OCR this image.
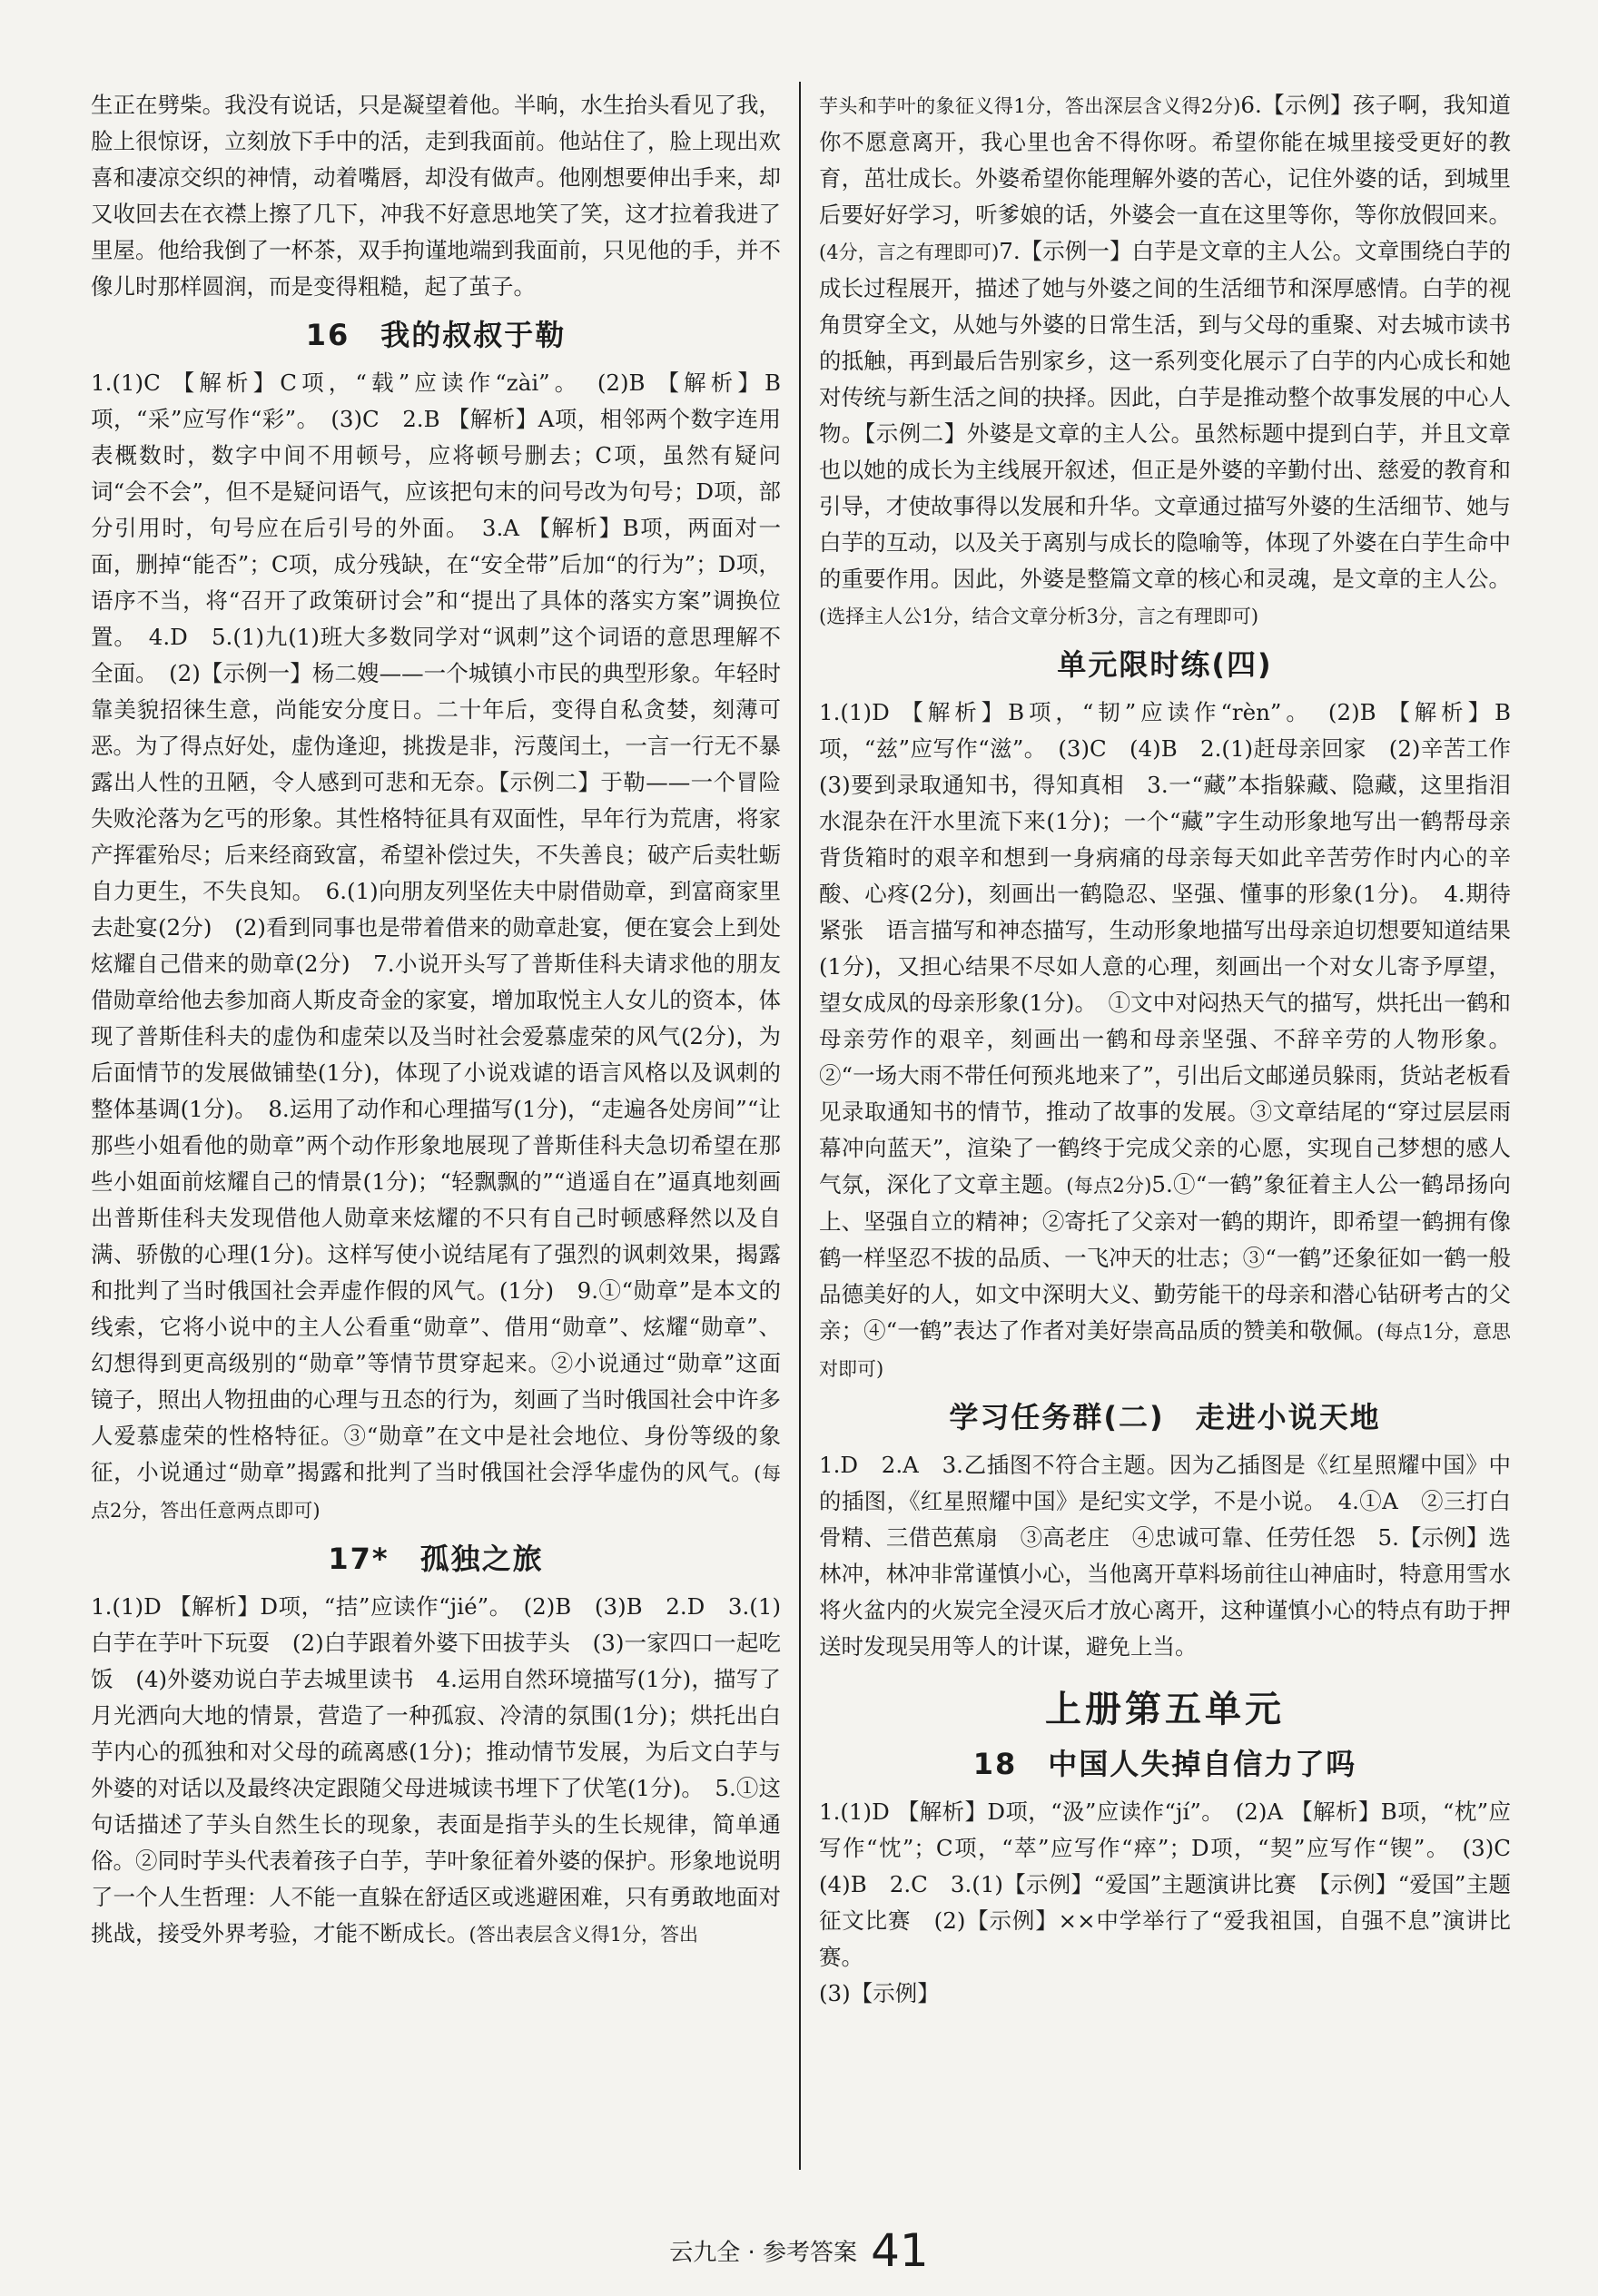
生正在劈柴。我没有说话，只是凝望着他。半晌，水生抬头看见了我，脸上很惊讶，立刻放下手中的活，走到我面前。他站住了，脸上现出欢喜和凄凉交织的神情，动着嘴唇，却没有做声。他刚想要伸出手来，却又收回去在衣襟上擦了几下，冲我不好意思地笑了笑，这才拉着我进了里屋。他给我倒了一杯茶，双手拘谨地端到我面前，只见他的手，并不像儿时那样圆润，而是变得粗糙，起了茧子。

16　我的叔叔于勒

1.(1)C 【解析】C项，“载”应读作“zài”。　(2)B 【解析】B项，“采”应写作“彩”。　(3)C　2.B 【解析】A项，相邻两个数字连用表概数时，数字中间不用顿号，应将顿号删去；C项，虽然有疑问词“会不会”，但不是疑问语气，应该把句末的问号改为句号；D项，部分引用时，句号应在后引号的外面。　3.A 【解析】B项，两面对一面，删掉“能否”；C项，成分残缺，在“安全带”后加“的行为”；D项，语序不当，将“召开了政策研讨会”和“提出了具体的落实方案”调换位置。　4.D　5.(1)九(1)班大多数同学对“讽刺”这个词语的意思理解不全面。　(2)【示例一】杨二嫂——一个城镇小市民的典型形象。年轻时靠美貌招徕生意，尚能安分度日。二十年后，变得自私贪婪，刻薄可恶。为了得点好处，虚伪逢迎，挑拨是非，污蔑闰土，一言一行无不暴露出人性的丑陋，令人感到可悲和无奈。【示例二】于勒——一个冒险失败沦落为乞丐的形象。其性格特征具有双面性，早年行为荒唐，将家产挥霍殆尽；后来经商致富，希望补偿过失，不失善良；破产后卖牡蛎自力更生，不失良知。　6.(1)向朋友列坚佐夫中尉借勋章，到富商家里去赴宴(2分)　(2)看到同事也是带着借来的勋章赴宴，便在宴会上到处炫耀自己借来的勋章(2分)　7.小说开头写了普斯佳科夫请求他的朋友借勋章给他去参加商人斯皮奇金的家宴，增加取悦主人女儿的资本，体现了普斯佳科夫的虚伪和虚荣以及当时社会爱慕虚荣的风气(2分)，为后面情节的发展做铺垫(1分)，体现了小说戏谑的语言风格以及讽刺的整体基调(1分)。　8.运用了动作和心理描写(1分)，“走遍各处房间”“让那些小姐看他的勋章”两个动作形象地展现了普斯佳科夫急切希望在那些小姐面前炫耀自己的情景(1分)；“轻飘飘的”“逍遥自在”逼真地刻画出普斯佳科夫发现借他人勋章来炫耀的不只有自己时顿感释然以及自满、骄傲的心理(1分)。这样写使小说结尾有了强烈的讽刺效果，揭露和批判了当时俄国社会弄虚作假的风气。(1分)　9.①“勋章”是本文的线索，它将小说中的主人公看重“勋章”、借用“勋章”、炫耀“勋章”、幻想得到更高级别的“勋章”等情节贯穿起来。②小说通过“勋章”这面镜子，照出人物扭曲的心理与丑态的行为，刻画了当时俄国社会中许多人爱慕虚荣的性格特征。③“勋章”在文中是社会地位、身份等级的象征，小说通过“勋章”揭露和批判了当时俄国社会浮华虚伪的风气。(每点2分，答出任意两点即可)

17*　孤独之旅

1.(1)D 【解析】D项，“拮”应读作“jié”。　(2)B　(3)B　2.D　3.(1)白芋在芋叶下玩耍　(2)白芋跟着外婆下田拔芋头　(3)一家四口一起吃饭　(4)外婆劝说白芋去城里读书　4.运用自然环境描写(1分)，描写了月光洒向大地的情景，营造了一种孤寂、冷清的氛围(1分)；烘托出白芋内心的孤独和对父母的疏离感(1分)；推动情节发展，为后文白芋与外婆的对话以及最终决定跟随父母进城读书埋下了伏笔(1分)。　5.①这句话描述了芋头自然生长的现象，表面是指芋头的生长规律，简单通俗。②同时芋头代表着孩子白芋，芋叶象征着外婆的保护。形象地说明了一个人生哲理：人不能一直躲在舒适区或逃避困难，只有勇敢地面对挑战，接受外界考验，才能不断成长。(答出表层含义得1分，答出

芋头和芋叶的象征义得1分，答出深层含义得2分)6.【示例】孩子啊，我知道你不愿意离开，我心里也舍不得你呀。希望你能在城里接受更好的教育，茁壮成长。外婆希望你能理解外婆的苦心，记住外婆的话，到城里后要好好学习，听爹娘的话，外婆会一直在这里等你，等你放假回来。(4分，言之有理即可)7.【示例一】白芋是文章的主人公。文章围绕白芋的成长过程展开，描述了她与外婆之间的生活细节和深厚感情。白芋的视角贯穿全文，从她与外婆的日常生活，到与父母的重聚、对去城市读书的抵触，再到最后告别家乡，这一系列变化展示了白芋的内心成长和她对传统与新生活之间的抉择。因此，白芋是推动整个故事发展的中心人物。【示例二】外婆是文章的主人公。虽然标题中提到白芋，并且文章也以她的成长为主线展开叙述，但正是外婆的辛勤付出、慈爱的教育和引导，才使故事得以发展和升华。文章通过描写外婆的生活细节、她与白芋的互动，以及关于离别与成长的隐喻等，体现了外婆在白芋生命中的重要作用。因此，外婆是整篇文章的核心和灵魂，是文章的主人公。(选择主人公1分，结合文章分析3分，言之有理即可)

单元限时练(四)

1.(1)D 【解析】B项，“韧”应读作“rèn”。　(2)B 【解析】B项，“兹”应写作“滋”。　(3)C　(4)B　2.(1)赶母亲回家　(2)辛苦工作　(3)要到录取通知书，得知真相　3.一“藏”本指躲藏、隐藏，这里指泪水混杂在汗水里流下来(1分)；一个“藏”字生动形象地写出一鹤帮母亲背货箱时的艰辛和想到一身病痛的母亲每天如此辛苦劳作时内心的辛酸、心疼(2分)，刻画出一鹤隐忍、坚强、懂事的形象(1分)。　4.期待　紧张　语言描写和神态描写，生动形象地描写出母亲迫切想要知道结果(1分)，又担心结果不尽如人意的心理，刻画出一个对女儿寄予厚望，望女成凤的母亲形象(1分)。　①文中对闷热天气的描写，烘托出一鹤和母亲劳作的艰辛，刻画出一鹤和母亲坚强、不辞辛劳的人物形象。②“一场大雨不带任何预兆地来了”，引出后文邮递员躲雨，货站老板看见录取通知书的情节，推动了故事的发展。③文章结尾的“穿过层层雨幕冲向蓝天”，渲染了一鹤终于完成父亲的心愿，实现自己梦想的感人气氛，深化了文章主题。(每点2分)5.①“一鹤”象征着主人公一鹤昂扬向上、坚强自立的精神；②寄托了父亲对一鹤的期许，即希望一鹤拥有像鹤一样坚忍不拔的品质、一飞冲天的壮志；③“一鹤”还象征如一鹤一般品德美好的人，如文中深明大义、勤劳能干的母亲和潜心钻研考古的父亲；④“一鹤”表达了作者对美好崇高品质的赞美和敬佩。(每点1分，意思对即可)

学习任务群(二)　走进小说天地

1.D　2.A　3.乙插图不符合主题。因为乙插图是《红星照耀中国》中的插图，《红星照耀中国》是纪实文学，不是小说。　4.①A　②三打白骨精、三借芭蕉扇　③高老庄　④忠诚可靠、任劳任怨　5.【示例】选林冲，林冲非常谨慎小心，当他离开草料场前往山神庙时，特意用雪水将火盆内的火炭完全浸灭后才放心离开，这种谨慎小心的特点有助于押送时发现吴用等人的计谋，避免上当。

上册第五单元
18　中国人失掉自信力了吗

1.(1)D 【解析】D项，“汲”应读作“jí”。　(2)A 【解析】B项，“枕”应写作“忱”；C项，“萃”应写作“瘁”；D项，“契”应写作“锲”。　(3)C　(4)B　2.C　3.(1)【示例】“爱国”主题演讲比赛　【示例】“爱国”主题征文比赛　(2)【示例】××中学举行了“爱我祖国，自强不息”演讲比赛。

(3)【示例】

云九全 · 参考答案 41
